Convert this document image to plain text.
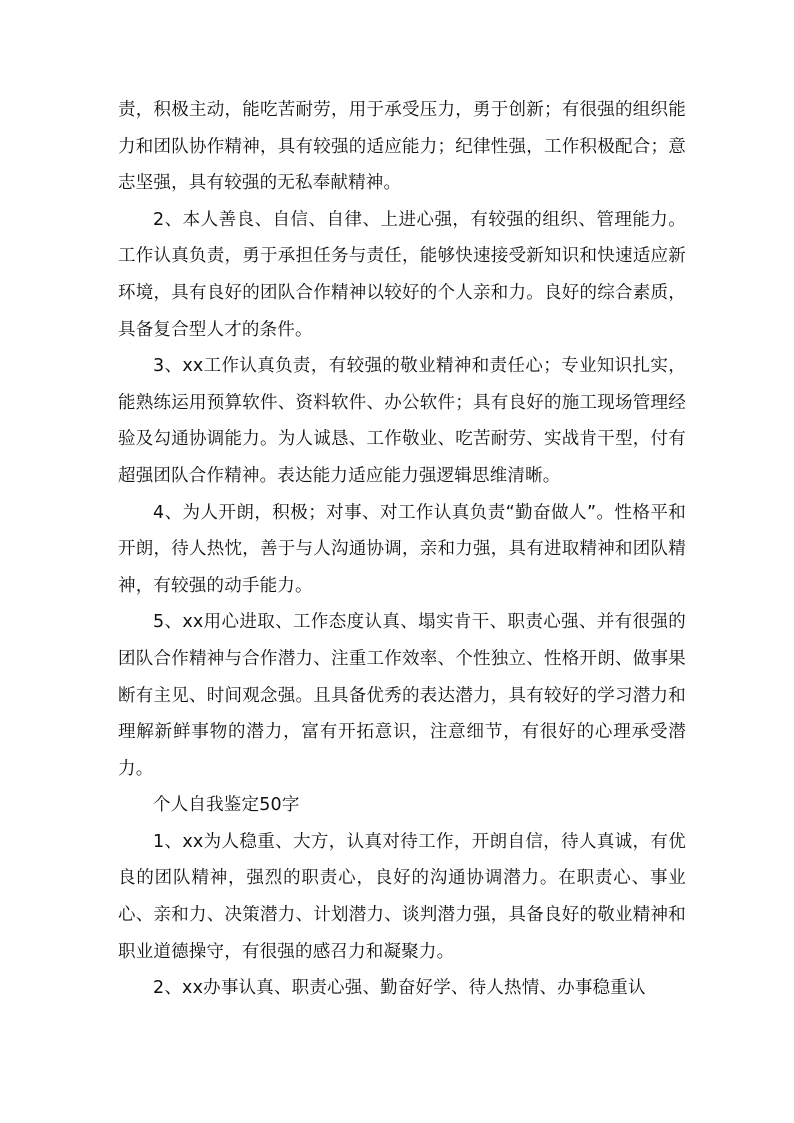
责，积极主动，能吃苦耐劳，用于承受压力，勇于创新；有很强的组织能力和团队协作精神，具有较强的适应能力；纪律性强，工作积极配合；意志坚强，具有较强的无私奉献精神。

2、本人善良、自信、自律、上进心强，有较强的组织、管理能力。工作认真负责，勇于承担任务与责任，能够快速接受新知识和快速适应新环境，具有良好的团队合作精神以较好的个人亲和力。良好的综合素质，具备复合型人才的条件。

3、xx工作认真负责，有较强的敬业精神和责任心；专业知识扎实，能熟练运用预算软件、资料软件、办公软件；具有良好的施工现场管理经验及勾通协调能力。为人诚恳、工作敬业、吃苦耐劳、实战肯干型，付有超强团队合作精神。表达能力适应能力强逻辑思维清晰。

4、为人开朗，积极；对事、对工作认真负责“勤奋做人”。性格平和开朗，待人热忱，善于与人沟通协调，亲和力强，具有进取精神和团队精神，有较强的动手能力。

5、xx用心进取、工作态度认真、塌实肯干、职责心强、并有很强的团队合作精神与合作潜力、注重工作效率、个性独立、性格开朗、做事果断有主见、时间观念强。且具备优秀的表达潜力，具有较好的学习潜力和理解新鲜事物的潜力，富有开拓意识，注意细节，有很好的心理承受潜力。

个人自我鉴定50字

1、xx为人稳重、大方，认真对待工作，开朗自信，待人真诚，有优良的团队精神，强烈的职责心，良好的沟通协调潜力。在职责心、事业心、亲和力、决策潜力、计划潜力、谈判潜力强，具备良好的敬业精神和职业道德操守，有很强的感召力和凝聚力。

2、xx办事认真、职责心强、勤奋好学、待人热情、办事稳重认
